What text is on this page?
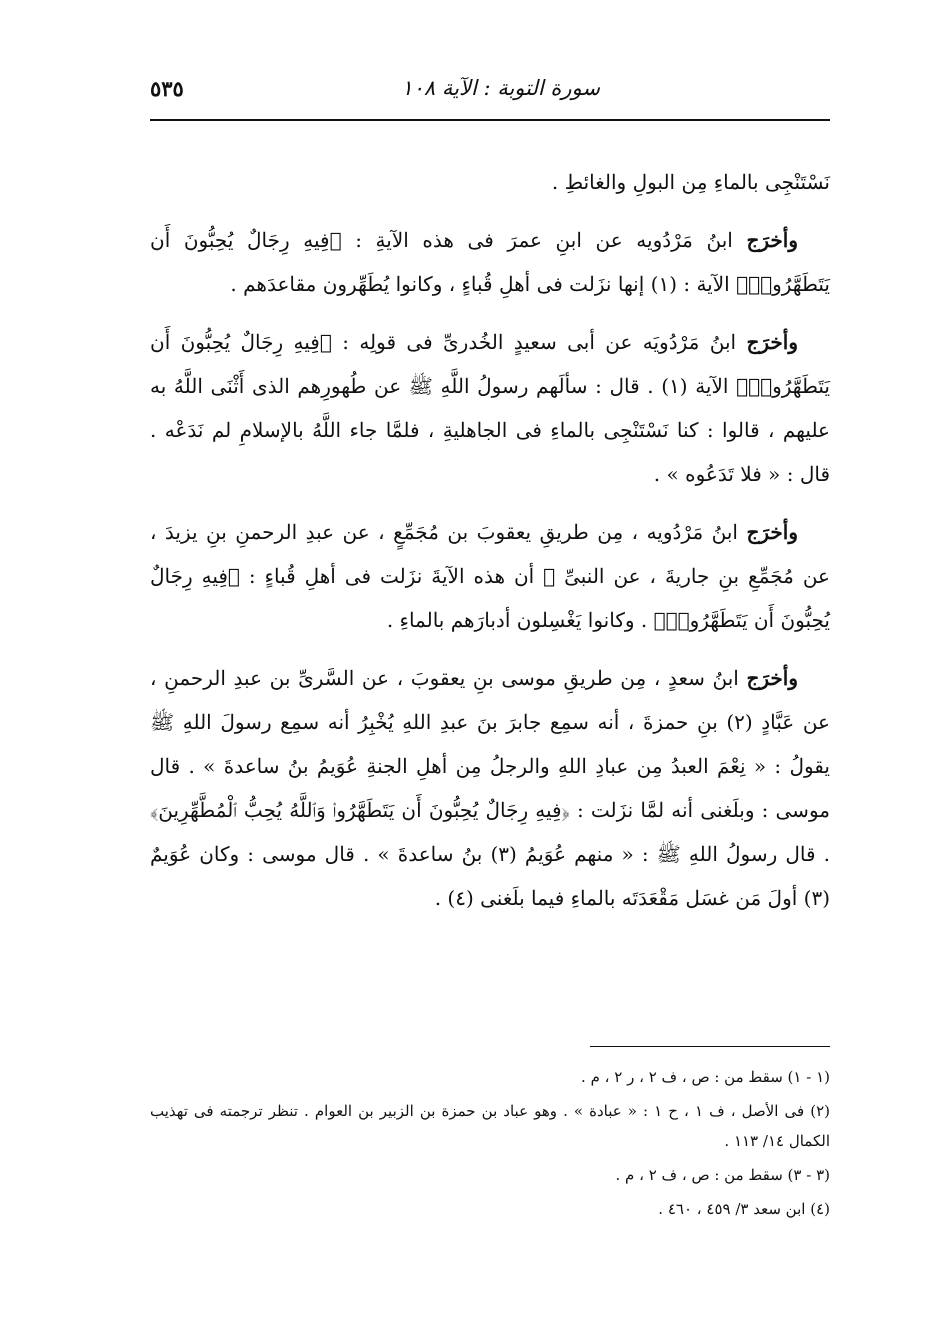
سورة التوبة : الآية ١٠٨
٥٣٥

نَسْتَنْجِى بالماءِ مِن البولِ والغائطِ .

وأخرَج ابنُ مَرْدُويه عن ابنِ عمرَ فى هذه الآيةِ : ﴿فِيهِ رِجَالٌ يُحِبُّونَ أَن يَتَطَهَّرُوا۟﴾ الآية : (١) إنها نزَلت فى أهلِ قُباءٍ ، وكانوا يُطَهِّرون مقاعدَهم .

وأخرَج ابنُ مَرْدُويَه عن أبى سعيدٍ الخُدرىِّ فى قولِه : ﴿فِيهِ رِجَالٌ يُحِبُّونَ أَن يَتَطَهَّرُوا۟﴾ الآية (١) . قال : سألَهم رسولُ اللَّهِ ﷺ عن طُهورِهم الذى أَثْنَى اللَّهُ به عليهم ، قالوا : كنا نَسْتَنْجِى بالماءِ فى الجاهليةِ ، فلمَّا جاء اللَّهُ بالإسلامِ لم نَدَعْه . قال : « فلا تَدَعُوه » .

وأخرَج ابنُ مَرْدُويه ، مِن طريقِ يعقوبَ بن مُجَمِّعٍ ، عن عبدِ الرحمنِ بنِ يزيدَ ، عن مُجَمِّعِ بنِ جاريةَ ، عن النبىِّ ﷺ أن هذه الآيةَ نزَلت فى أهلِ قُباءٍ : ﴿فِيهِ رِجَالٌ يُحِبُّونَ أَن يَتَطَهَّرُوا۟﴾ . وكانوا يَغْسِلون أدبارَهم بالماءِ .

وأخرَج ابنُ سعدٍ ، مِن طريقِ موسى بنِ يعقوبَ ، عن السَّرىِّ بن عبدِ الرحمنِ ، عن عَبَّادٍ (٢) بنِ حمزةَ ، أنه سمِع جابرَ بنَ عبدِ اللهِ يُخْبِرُ أنه سمِع رسولَ اللهِ ﷺ يقولُ : « نِعْمَ العبدُ مِن عبادِ اللهِ والرجلُ مِن أهلِ الجنةِ عُوَيمُ بنُ ساعدةَ » . قال موسى : وبلَغنى أنه لمَّا نزَلت : ﴿فِيهِ رِجَالٌ يُحِبُّونَ أَن يَتَطَهَّرُوا۟ وَٱللَّهُ يُحِبُّ ٱلْمُطَّهِّرِينَ﴾ . قال رسولُ اللهِ ﷺ : « منهم عُوَيمُ (٣) بنُ ساعدةَ » . قال موسى : وكان عُوَيمٌ (٣) أولَ مَن غسَل مَقْعَدَتَه بالماءِ فيما بلَغنى (٤) .

(١ - ١) سقط من : ص ، ف ٢ ، ر ٢ ، م .

(٢) فى الأصل ، ف ١ ، ح ١ : « عبادة » . وهو عباد بن حمزة بن الزبير بن العوام . تنظر ترجمته فى تهذيب الكمال ١٤/ ١١٣ .

(٣ - ٣) سقط من : ص ، ف ٢ ، م .

(٤) ابن سعد ٣/ ٤٥٩ ، ٤٦٠ .
